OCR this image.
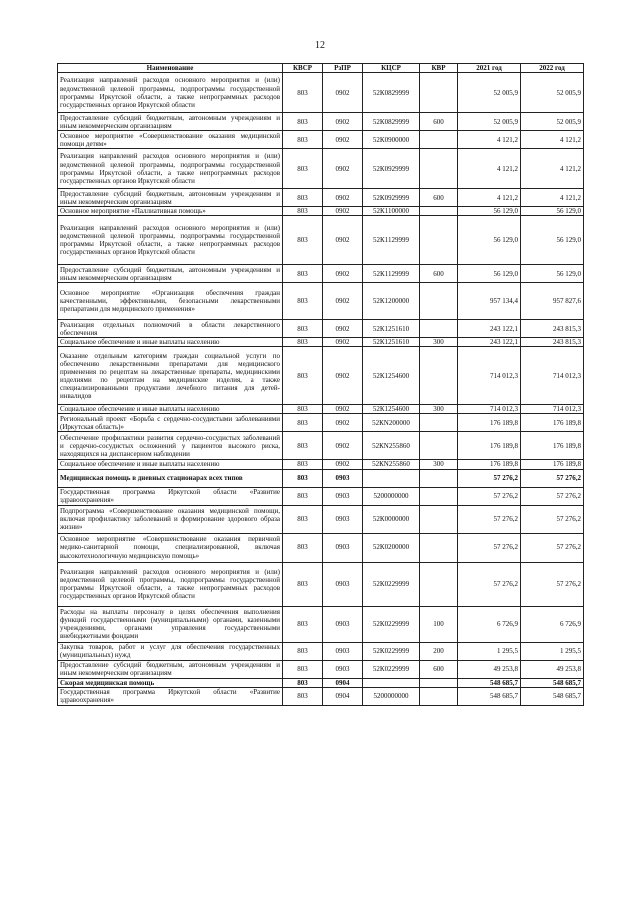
12
Наименование	КВСР	РзПР	КЦСР	КВР	2021 год	2022 год
Реализация направлений расходов основного мероприятия и (или) ведомственной целевой программы, подпрограммы государственной программы Иркутской области, а также непрограммных расходов государственных органов Иркутской области	803	0902	52К0829999		52 005,9	52 005,9
Предоставление субсидий бюджетным, автономным учреждениям и иным некоммерческим организациям	803	0902	52К0829999	600	52 005,9	52 005,9
Основное мероприятие «Совершенствование оказания медицинской помощи детям»	803	0902	52К0900000		4 121,2	4 121,2
Реализация направлений расходов основного мероприятия и (или) ведомственной целевой программы, подпрограммы государственной программы Иркутской области, а также непрограммных расходов государственных органов Иркутской области	803	0902	52К0929999		4 121,2	4 121,2
Предоставление субсидий бюджетным, автономным учреждениям и иным некоммерческим организациям	803	0902	52К0929999	600	4 121,2	4 121,2
Основное мероприятие «Паллиативная помощь»	803	0902	52К1100000		56 129,0	56 129,0
Реализация направлений расходов основного мероприятия и (или) ведомственной целевой программы, подпрограммы государственной программы Иркутской области, а также непрограммных расходов государственных органов Иркутской области	803	0902	52К1129999		56 129,0	56 129,0
Предоставление субсидий бюджетным, автономным учреждениям и иным некоммерческим организациям	803	0902	52К1129999	600	56 129,0	56 129,0
Основное мероприятие «Организация обеспечения граждан качественными, эффективными, безопасными лекарственными препаратами для медицинского применения»	803	0902	52К1200000		957 134,4	957 827,6
Реализация отдельных полномочий в области лекарственного обеспечения	803	0902	52К1251610		243 122,1	243 815,3
Социальное обеспечение и иные выплаты населению	803	0902	52К1251610	300	243 122,1	243 815,3
Оказание отдельным категориям граждан социальной услуги по обеспечению лекарственными препаратами для медицинского применения по рецептам на лекарственные препараты, медицинскими изделиями по рецептам на медицинские изделия, а также специализированными продуктами лечебного питания для детей-инвалидов	803	0902	52К1254600		714 012,3	714 012,3
Социальное обеспечение и иные выплаты населению	803	0902	52К1254600	300	714 012,3	714 012,3
Региональный проект «Борьба с сердечно-сосудистыми заболеваниями (Иркутская область)»	803	0902	52КN200000		176 189,8	176 189,8
Обеспечение профилактики развития сердечно-сосудистых заболеваний и сердечно-сосудистых осложнений у пациентов высокого риска, находящихся на диспансерном наблюдении	803	0902	52КN255860		176 189,8	176 189,8
Социальное обеспечение и иные выплаты населению	803	0902	52КN255860	300	176 189,8	176 189,8
Медицинская помощь в дневных стационарах всех типов	803	0903			57 276,2	57 276,2
Государственная программа Иркутской области «Развитие здравоохранения»	803	0903	5200000000		57 276,2	57 276,2
Подпрограмма «Совершенствование оказания медицинской помощи, включая профилактику заболеваний и формирование здорового образа жизни»	803	0903	52К0000000		57 276,2	57 276,2
Основное мероприятие «Совершенствование оказания первичной медико-санитарной помощи, специализированной, включая высокотехнологичную медицинскую помощь»	803	0903	52К0200000		57 276,2	57 276,2
Реализация направлений расходов основного мероприятия и (или) ведомственной целевой программы, подпрограммы государственной программы Иркутской области, а также непрограммных расходов государственных органов Иркутской области	803	0903	52К0229999		57 276,2	57 276,2
Расходы на выплаты персоналу в целях обеспечения выполнения функций государственными (муниципальными) органами, казенными учреждениями, органами управления государственными внебюджетными фондами	803	0903	52К0229999	100	6 726,9	6 726,9
Закупка товаров, работ и услуг для обеспечения государственных (муниципальных) нужд	803	0903	52К0229999	200	1 295,5	1 295,5
Предоставление субсидий бюджетным, автономным учреждениям и иным некоммерческим организациям	803	0903	52К0229999	600	49 253,8	49 253,8
Скорая медицинская помощь	803	0904			548 685,7	548 685,7
Государственная программа Иркутской области «Развитие здравоохранения»	803	0904	5200000000		548 685,7	548 685,7
